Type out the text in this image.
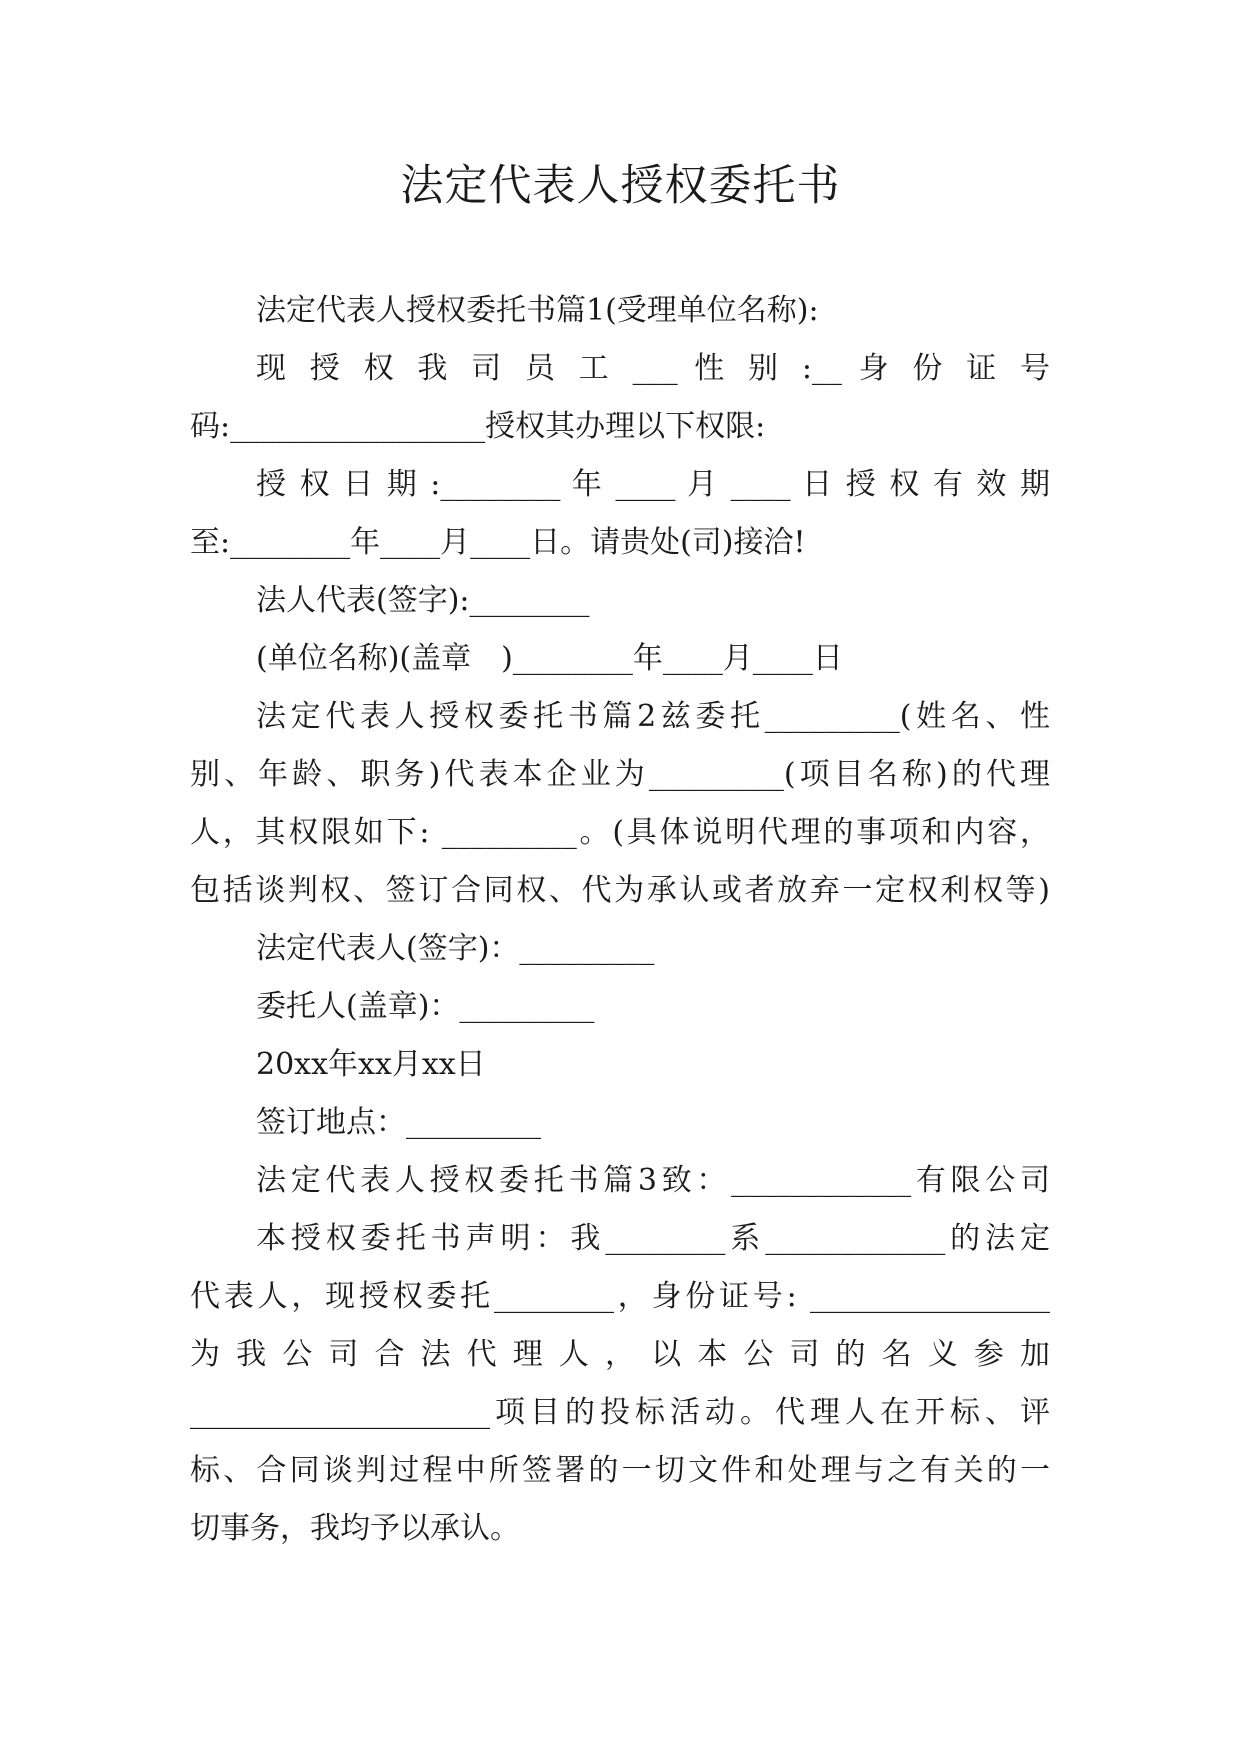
法定代表人授权委托书
法定代表人授权委托书篇1(受理单位名称):
现 授 权 我 司 员 工 ___ 性 别 :__ 身 份 证 号
码:_________________授权其办理以下权限:
授 权 日 期 :________ 年 ____ 月 ____ 日 授 权 有 效 期
至:________年____月____日。请贵处(司)接洽!
法人代表(签字):________
(单位名称)(盖章　)________年____月____日
法定代表人授权委托书篇2兹委托_________(姓名、性
别、年龄、职务)代表本企业为_________(项目名称)的代理
人，其权限如下: _________。(具体说明代理的事项和内容，
包括谈判权、签订合同权、代为承认或者放弃一定权利权等)
法定代表人(签字)：_________
委托人(盖章)：_________
20xx年xx月xx日
签订地点：_________
法定代表人授权委托书篇3致：____________有限公司
本授权委托书声明：我________系____________的法定
代表人，现授权委托________，身份证号: ________________
为 我 公 司 合 法 代 理 人 ， 以 本 公 司 的 名 义 参 加
____________________项目的投标活动。代理人在开标、评
标、合同谈判过程中所签署的一切文件和处理与之有关的一
切事务，我均予以承认。
